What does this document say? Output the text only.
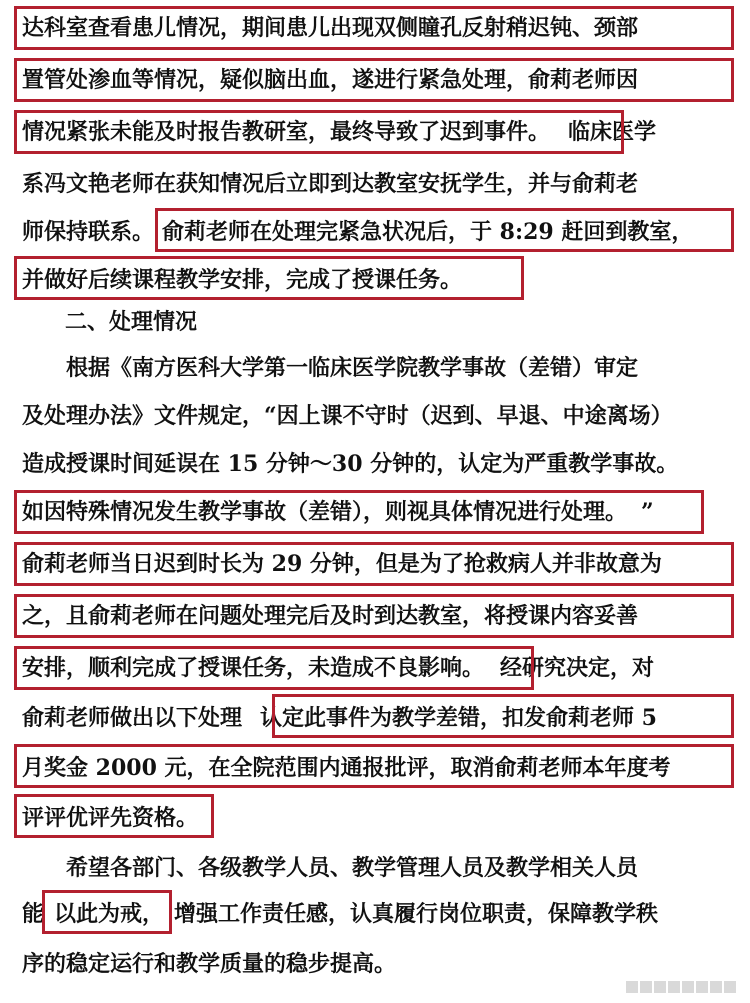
达科室查看患儿情况，期间患儿出现双侧瞳孔反射稍迟钝、颈部
置管处渗血等情况，疑似脑出血，遂进行紧急处理，俞莉老师因
情况紧张未能及时报告教研室，最终导致了迟到事件。 临床医学
系冯文艳老师在获知情况后立即到达教室安抚学生，并与俞莉老
师保持联系。 俞莉老师在处理完紧急状况后，于 8:29 赶回到教室，
并做好后续课程教学安排，完成了授课任务。
二、处理情况
根据《南方医科大学第一临床医学院教学事故（差错）审定
及处理办法》文件规定，“因上课不守时（迟到、早退、中途离场）
造成授课时间延误在 15 分钟～30 分钟的，认定为严重教学事故。
如因特殊情况发生教学事故（差错），则视具体情况进行处理。 ”
俞莉老师当日迟到时长为 29 分钟，但是为了抢救病人并非故意为
之，且俞莉老师在问题处理完后及时到达教室，将授课内容妥善
安排，顺利完成了授课任务，未造成不良影响。 经研究决定，对
俞莉老师做出以下处理 认定此事件为教学差错，扣发俞莉老师 5
月奖金 2000 元，在全院范围内通报批评，取消俞莉老师本年度考
评评优评先资格。
希望各部门、各级教学人员、教学管理人员及教学相关人员
能 以此为戒， 增强工作责任感，认真履行岗位职责，保障教学秩
序的稳定运行和教学质量的稳步提高。
